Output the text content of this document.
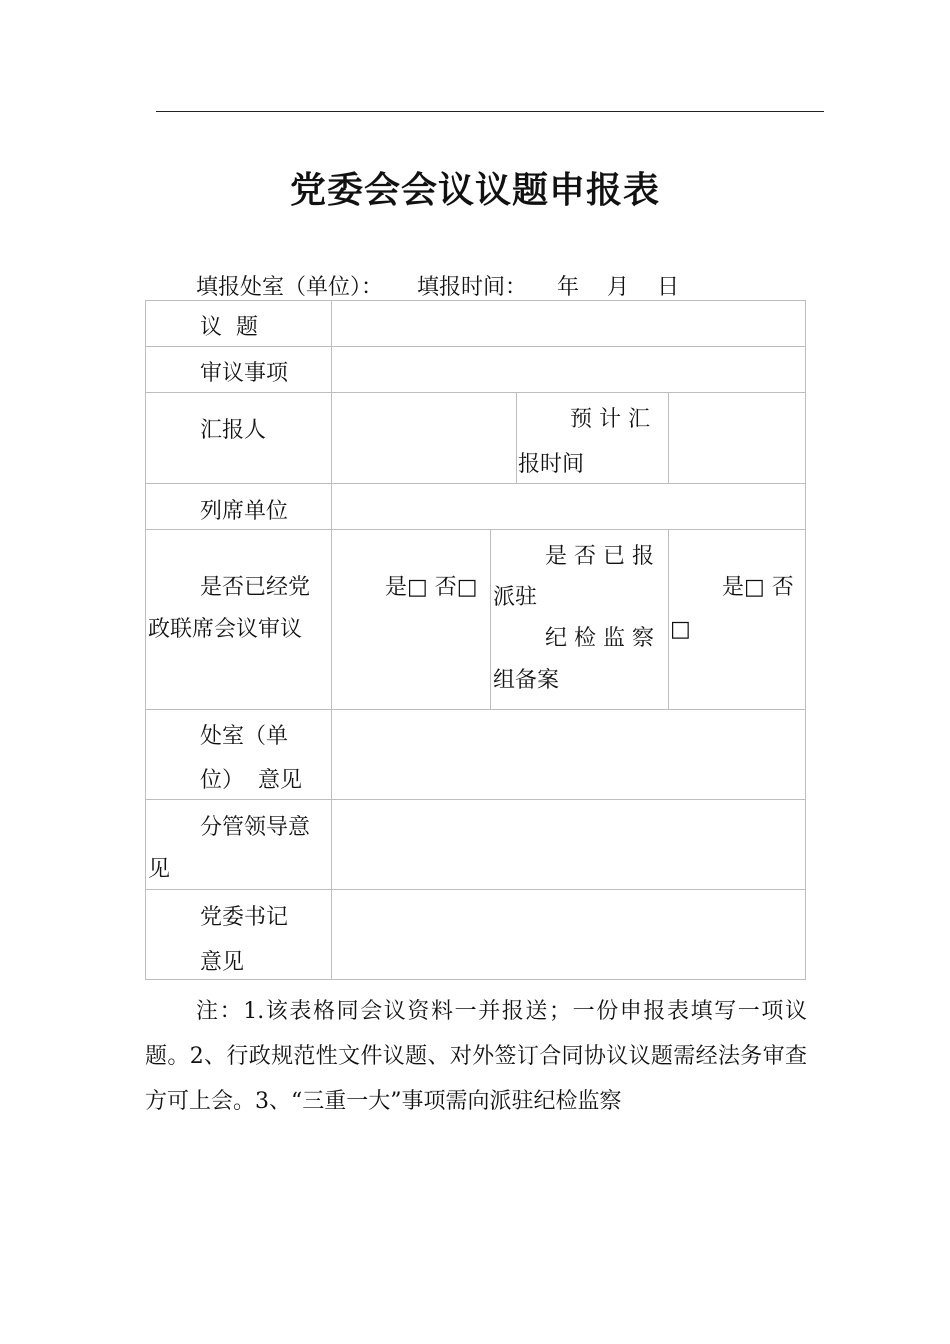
党委会会议议题申报表
填报处室（单位）： 填报时间： 年 月 日
议  题
审议事项
汇报人	预 计 汇
报时间
列席单位
是否已经党
政联席会议审议
是□ 否□
是 否 已 报
派驻
纪 检 监 察
组备案
是□ 否
□
处室（单
位）  意见
分管领导意
见
党委书记
意见

注：1.该表格同会议资料一并报送；一份申报表填写一项议题。2、行政规范性文件议题、对外签订合同协议议题需经法务审查方可上会。3、“三重一大”事项需向派驻纪检监察
